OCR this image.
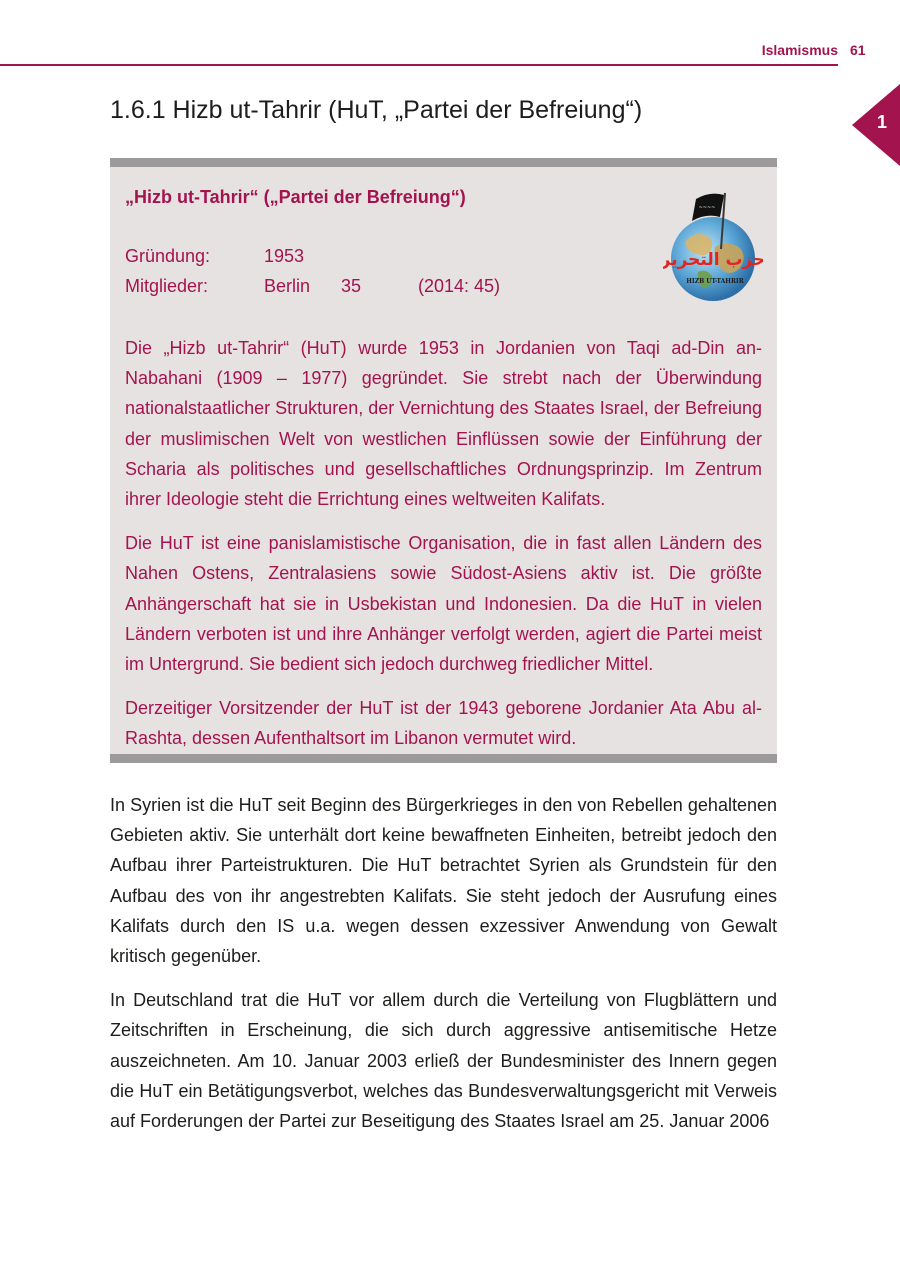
Islamismus 61
1
1.6.1 Hizb ut-Tahrir (HuT, „Partei der Befreiung“)
„Hizb ut-Tahrir“ („Partei der Befreiung“)
Gründung:	1953
Mitglieder:	Berlin 35	(2014: 45)
~~~~
حزب التحرير
HIZB UT-TAHRIR

Die „Hizb ut-Tahrir“ (HuT) wurde 1953 in Jordanien von Taqi ad-Din an-Nabahani (1909 – 1977) gegründet. Sie strebt nach der Überwindung nationalstaatlicher Strukturen, der Vernichtung des Staates Israel, der Befreiung der muslimischen Welt von westlichen Einflüssen sowie der Einführung der Scharia als politisches und gesellschaftliches Ordnungsprinzip. Im Zentrum ihrer Ideologie steht die Errichtung eines weltweiten Kalifats.

Die HuT ist eine panislamistische Organisation, die in fast allen Ländern des Nahen Ostens, Zentralasiens sowie Südost-Asiens aktiv ist. Die größte Anhängerschaft hat sie in Usbekistan und Indonesien. Da die HuT in vielen Ländern verboten ist und ihre Anhänger verfolgt werden, agiert die Partei meist im Untergrund. Sie bedient sich jedoch durchweg friedlicher Mittel.

Derzeitiger Vorsitzender der HuT ist der 1943 geborene Jordanier Ata Abu al-Rashta, dessen Aufenthaltsort im Libanon vermutet wird.

In Syrien ist die HuT seit Beginn des Bürgerkrieges in den von Rebellen gehaltenen Gebieten aktiv. Sie unterhält dort keine bewaffneten Einheiten, betreibt jedoch den Aufbau ihrer Parteistrukturen. Die HuT betrachtet Syrien als Grundstein für den Aufbau des von ihr angestrebten Kalifats. Sie steht jedoch der Ausrufung eines Kalifats durch den IS u.a. wegen dessen exzessiver Anwendung von Gewalt kritisch gegenüber.

In Deutschland trat die HuT vor allem durch die Verteilung von Flugblättern und Zeitschriften in Erscheinung, die sich durch aggressive antisemitische Hetze auszeichneten. Am 10. Januar 2003 erließ der Bundesminister des Innern gegen die HuT ein Betätigungsverbot, welches das Bundesverwaltungsgericht mit Verweis auf Forderungen der Partei zur Beseitigung des Staates Israel am 25. Januar 2006
